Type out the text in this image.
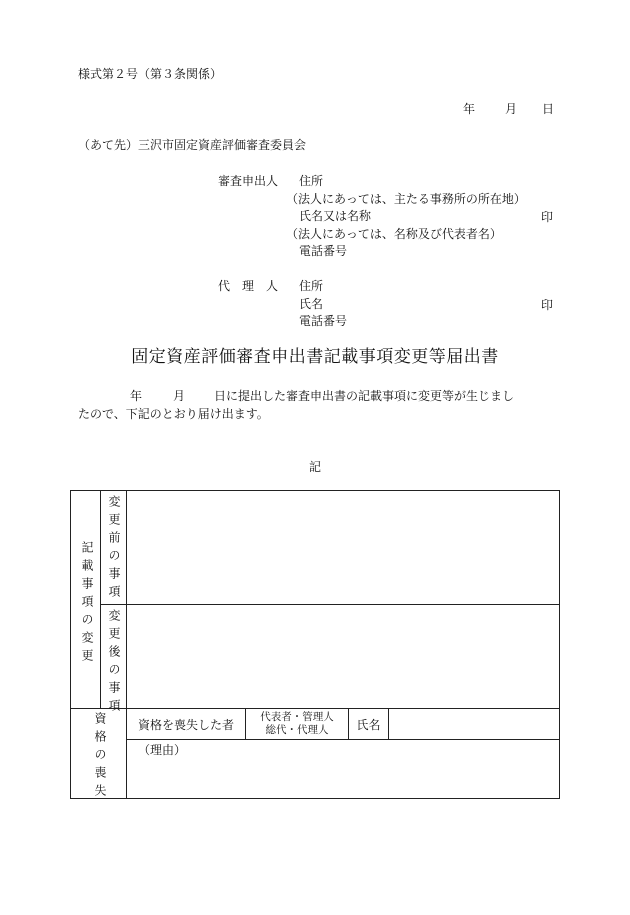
様式第２号（第３条関係）
年 月 日
（あて先）三沢市固定資産評価審査委員会
審査申出人 住所
（法人にあっては、主たる事務所の所在地）
氏名又は名称	印
（法人にあっては、名称及び代表者名）
電話番号
代　理　人 住所
氏名	印
電話番号
固定資産評価審査申出書記載事項変更等届出書
年	月 日に提出した審査申出書の記載事項に変更等が生じまし
たので、下記のとおり届け出ます。
記
記載事項の変更 変更前の事項
変更後の事項
資格の喪失	資格を喪失した者
代表者・管理人
総代・代理人	氏名
（理由）
